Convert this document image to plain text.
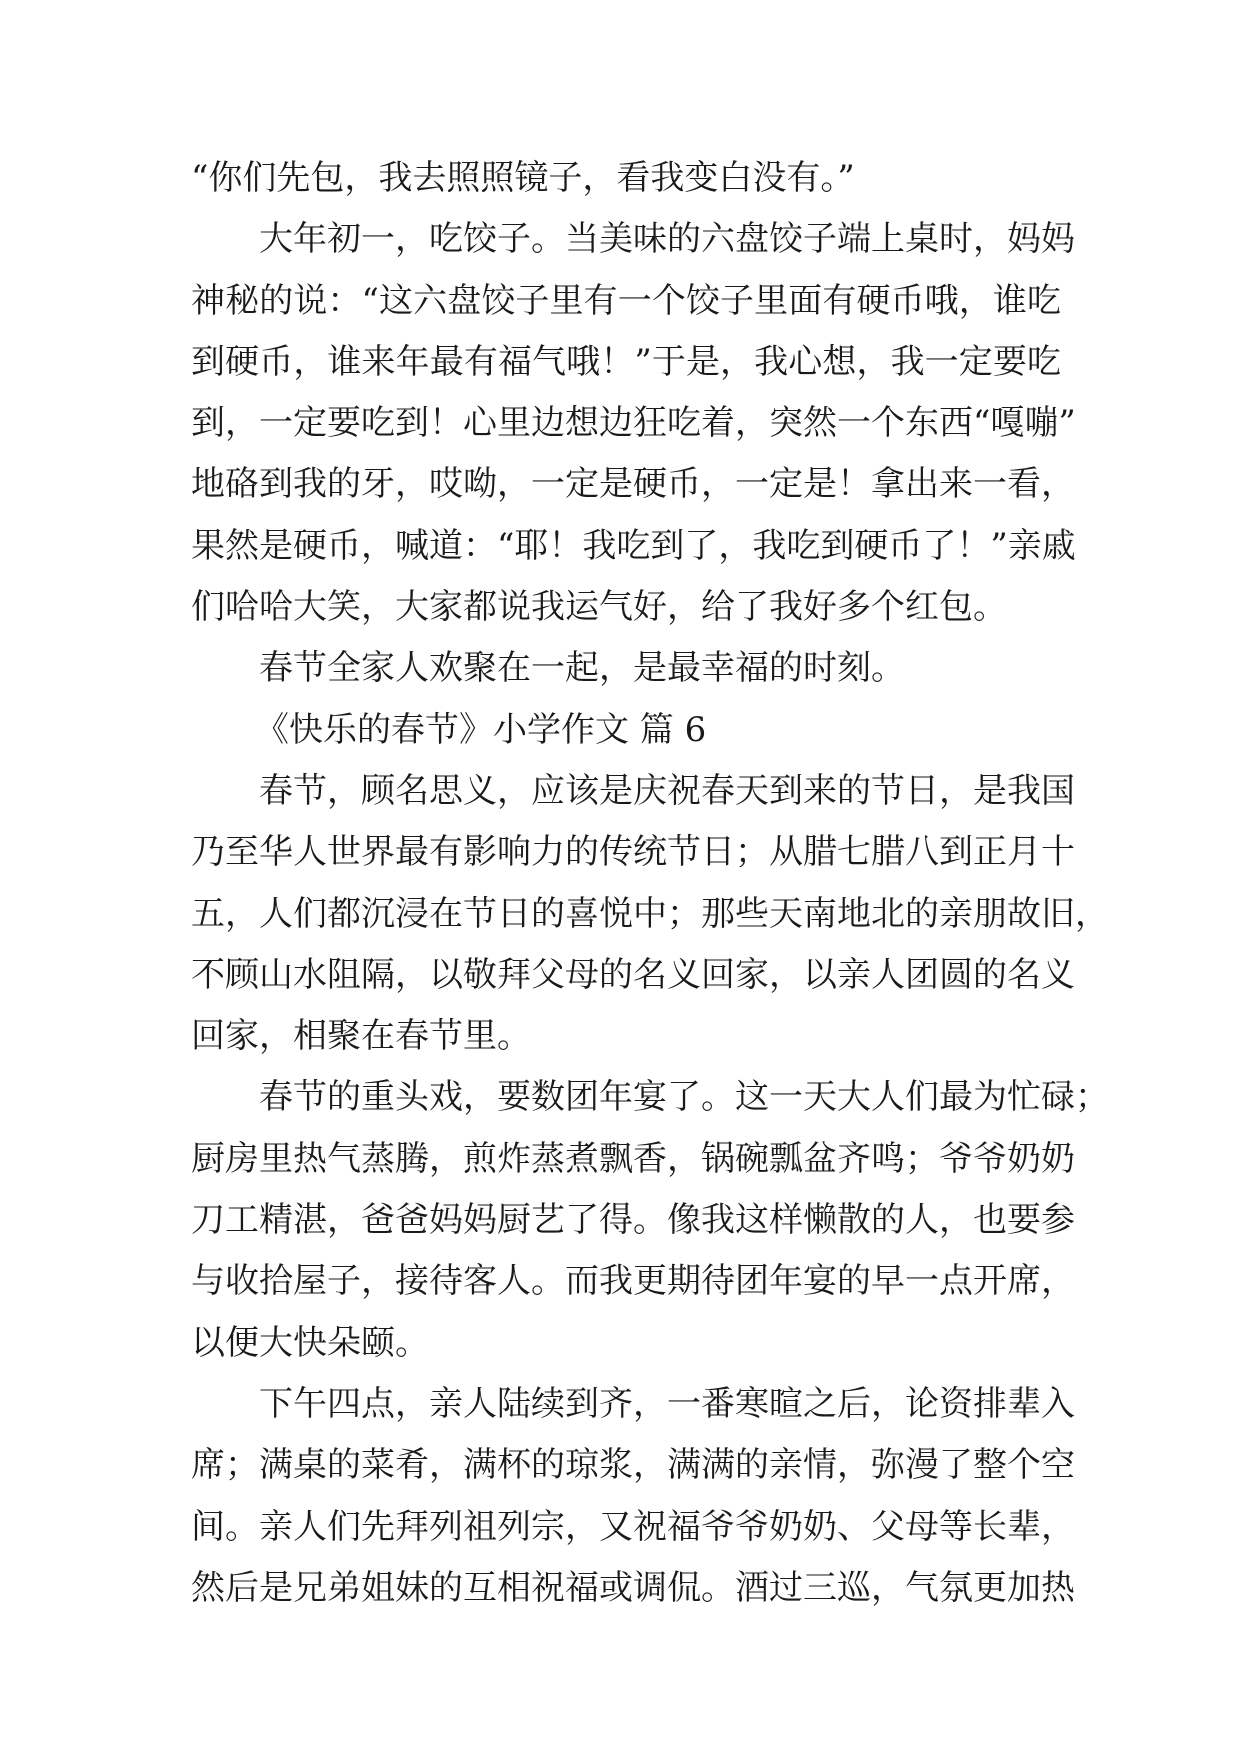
“你们先包，我去照照镜子，看我变白没有。”
大年初一，吃饺子。当美味的六盘饺子端上桌时，妈妈
神秘的说：“这六盘饺子里有一个饺子里面有硬币哦，谁吃
到硬币，谁来年最有福气哦！”于是，我心想，我一定要吃
到，一定要吃到！心里边想边狂吃着，突然一个东西“嘎嘣”
地硌到我的牙，哎呦，一定是硬币，一定是！拿出来一看，
果然是硬币，喊道：“耶！我吃到了，我吃到硬币了！”亲戚
们哈哈大笑，大家都说我运气好，给了我好多个红包。
春节全家人欢聚在一起，是最幸福的时刻。
《快乐的春节》小学作文 篇 6
春节，顾名思义，应该是庆祝春天到来的节日，是我国
乃至华人世界最有影响力的传统节日；从腊七腊八到正月十
五，人们都沉浸在节日的喜悦中；那些天南地北的亲朋故旧，
不顾山水阻隔，以敬拜父母的名义回家，以亲人团圆的名义
回家，相聚在春节里。
春节的重头戏，要数团年宴了。这一天大人们最为忙碌；
厨房里热气蒸腾，煎炸蒸煮飘香，锅碗瓢盆齐鸣；爷爷奶奶
刀工精湛，爸爸妈妈厨艺了得。像我这样懒散的人，也要参
与收拾屋子，接待客人。而我更期待团年宴的早一点开席，
以便大快朵颐。
下午四点，亲人陆续到齐，一番寒暄之后，论资排辈入
席；满桌的菜肴，满杯的琼浆，满满的亲情，弥漫了整个空
间。亲人们先拜列祖列宗，又祝福爷爷奶奶、父母等长辈，
然后是兄弟姐妹的互相祝福或调侃。酒过三巡，气氛更加热
